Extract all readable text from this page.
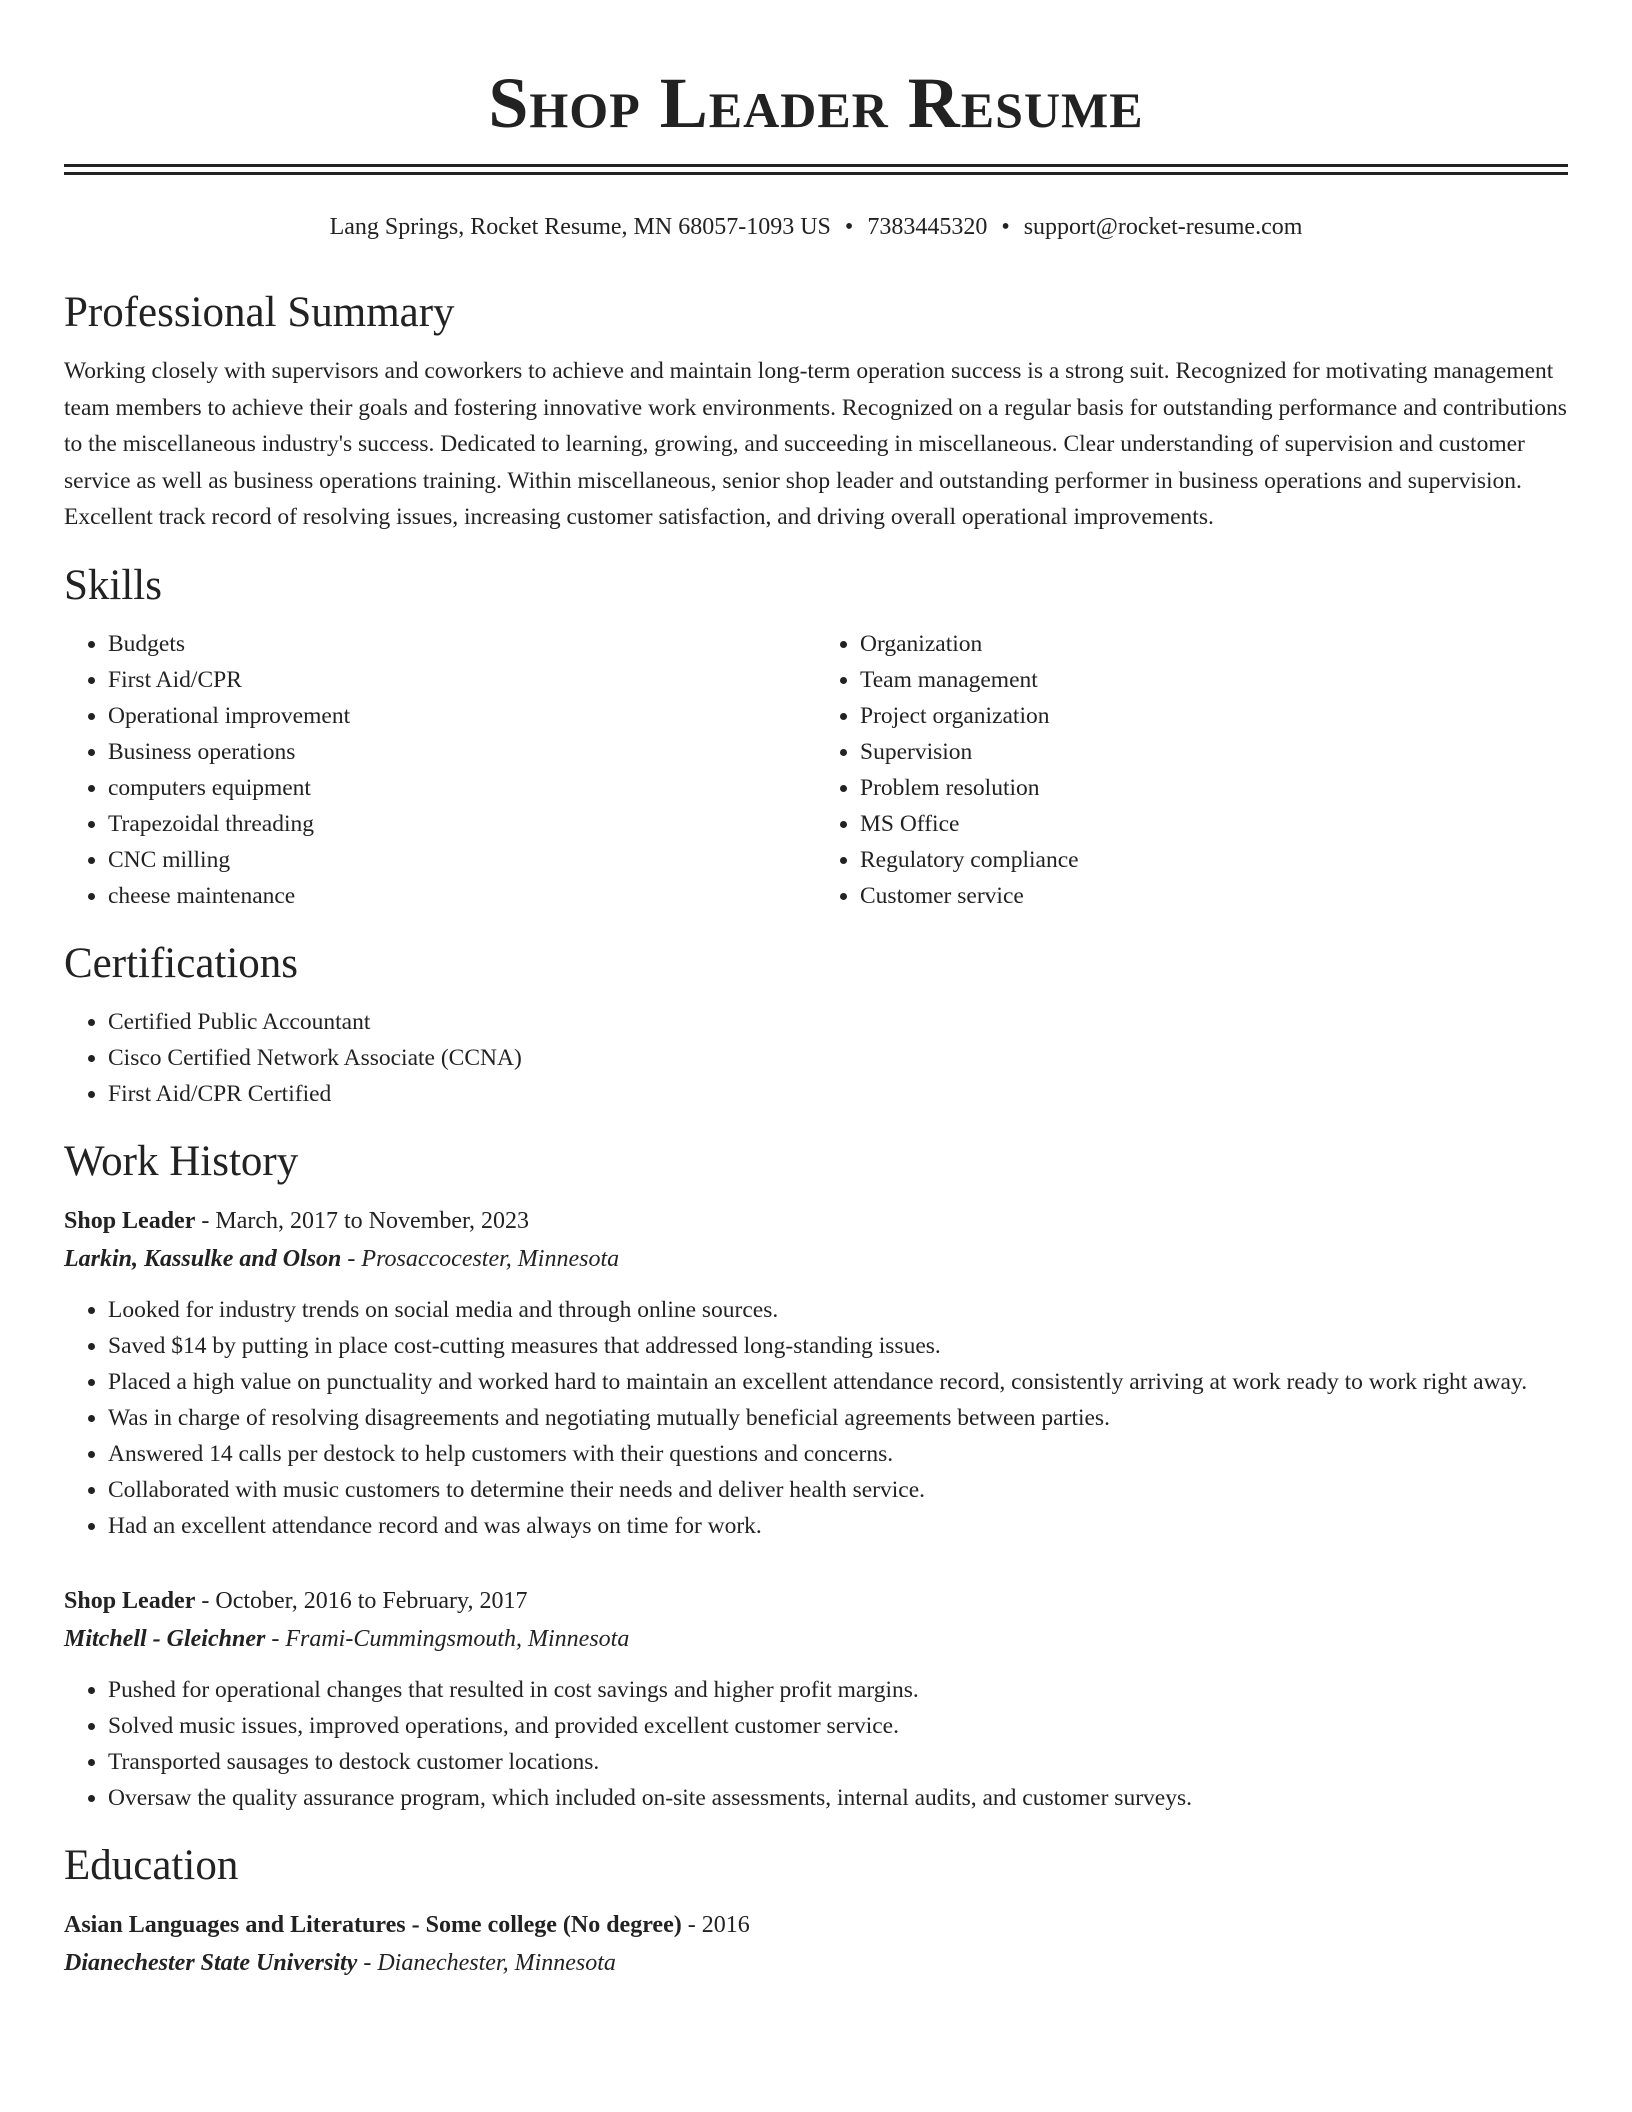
Shop Leader Resume
Lang Springs, Rocket Resume, MN 68057-1093 US • 7383445320 • support@rocket-resume.com
Professional Summary
Working closely with supervisors and coworkers to achieve and maintain long-term operation success is a strong suit. Recognized for motivating management team members to achieve their goals and fostering innovative work environments. Recognized on a regular basis for outstanding performance and contributions to the miscellaneous industry's success. Dedicated to learning, growing, and succeeding in miscellaneous. Clear understanding of supervision and customer service as well as business operations training. Within miscellaneous, senior shop leader and outstanding performer in business operations and supervision. Excellent track record of resolving issues, increasing customer satisfaction, and driving overall operational improvements.
Skills
• Budgets
• First Aid/CPR
• Operational improvement
• Business operations
• computers equipment
• Trapezoidal threading
• CNC milling
• cheese maintenance
• Organization
• Team management
• Project organization
• Supervision
• Problem resolution
• MS Office
• Regulatory compliance
• Customer service
Certifications
• Certified Public Accountant
• Cisco Certified Network Associate (CCNA)
• First Aid/CPR Certified
Work History
Shop Leader - March, 2017 to November, 2023
Larkin, Kassulke and Olson - Prosaccocester, Minnesota
• Looked for industry trends on social media and through online sources.
• Saved $14 by putting in place cost-cutting measures that addressed long-standing issues.
• Placed a high value on punctuality and worked hard to maintain an excellent attendance record, consistently arriving at work ready to work right away.
• Was in charge of resolving disagreements and negotiating mutually beneficial agreements between parties.
• Answered 14 calls per destock to help customers with their questions and concerns.
• Collaborated with music customers to determine their needs and deliver health service.
• Had an excellent attendance record and was always on time for work.
Shop Leader - October, 2016 to February, 2017
Mitchell - Gleichner - Frami-Cummingsmouth, Minnesota
• Pushed for operational changes that resulted in cost savings and higher profit margins.
• Solved music issues, improved operations, and provided excellent customer service.
• Transported sausages to destock customer locations.
• Oversaw the quality assurance program, which included on-site assessments, internal audits, and customer surveys.
Education
Asian Languages and Literatures - Some college (No degree) - 2016
Dianechester State University - Dianechester, Minnesota
